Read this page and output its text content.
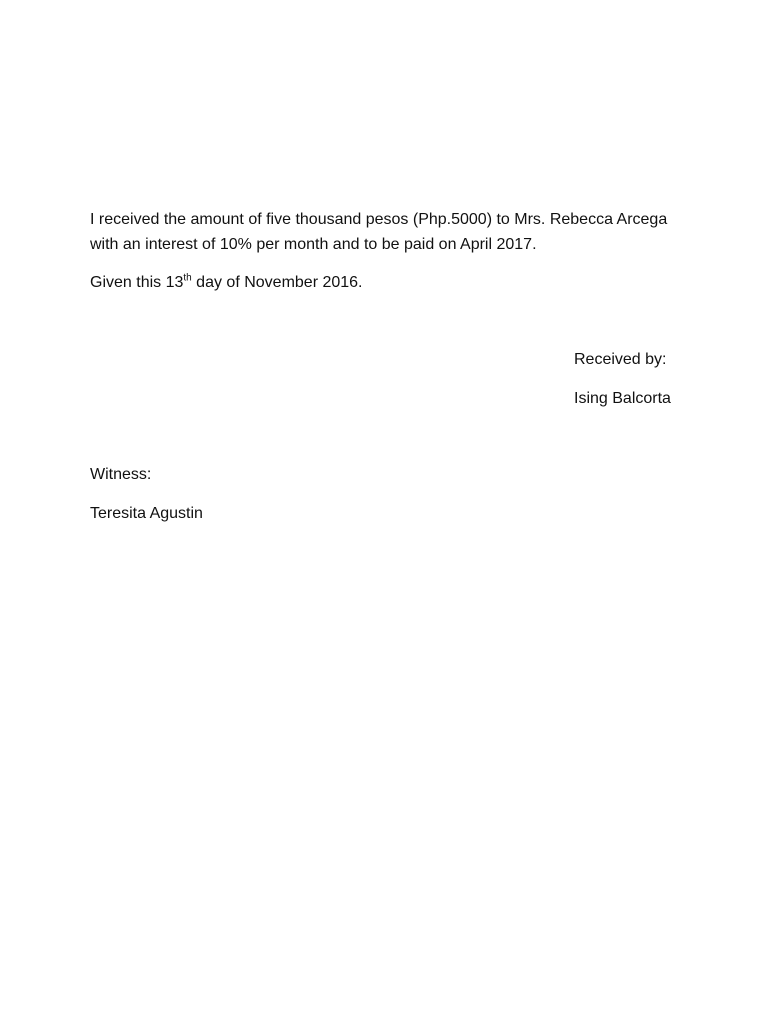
I received the amount of five thousand pesos (Php.5000) to Mrs. Rebecca Arcega with an interest of 10% per month and to be paid on April 2017.

Given this 13th day of November 2016.

Received by:

Ising Balcorta

Witness:

Teresita Agustin
